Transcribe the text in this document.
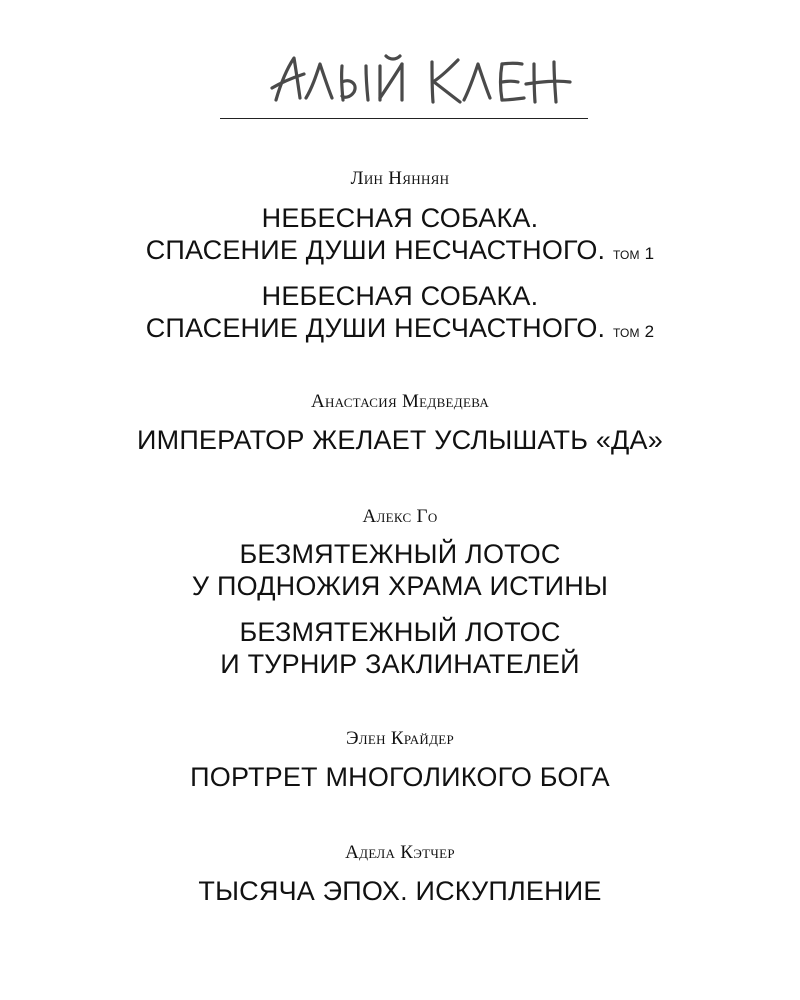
Лин Няннян
НЕБЕСНАЯ СОБАКА.
СПАСЕНИЕ ДУШИ НЕСЧАСТНОГО. том 1
НЕБЕСНАЯ СОБАКА.
СПАСЕНИЕ ДУШИ НЕСЧАСТНОГО. том 2
Анастасия Медведева
ИМПЕРАТОР ЖЕЛАЕТ УСЛЫШАТЬ «ДА»
Алекс Го
БЕЗМЯТЕЖНЫЙ ЛОТОС
У ПОДНОЖИЯ ХРАМА ИСТИНЫ
БЕЗМЯТЕЖНЫЙ ЛОТОС
И ТУРНИР ЗАКЛИНАТЕЛЕЙ
Элен Крайдер
ПОРТРЕТ МНОГОЛИКОГО БОГА
Адела Кэтчер
ТЫСЯЧА ЭПОХ. ИСКУПЛЕНИЕ
